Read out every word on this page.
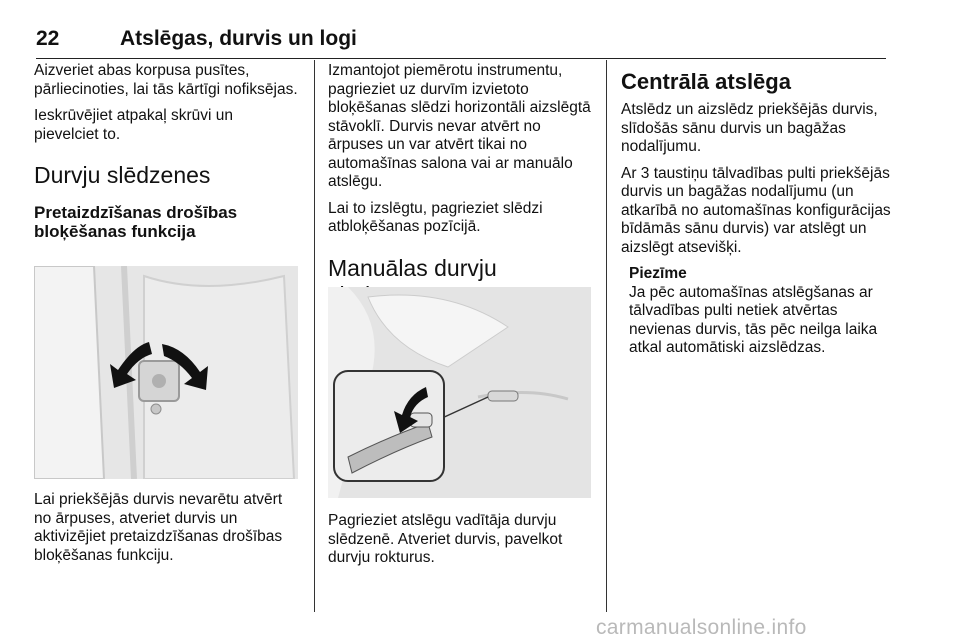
22	Atslēgas, durvis un logi

Aizveriet abas korpusa pusītes, pārliecinoties, lai tās kārtīgi nofiksējas.

Ieskrūvējiet atpakaļ skrūvi un pievelciet to.

Durvju slēdzenes
Pretaizdzīšanas drošības bloķēšanas funkcija

Lai priekšējās durvis nevarētu atvērt no ārpuses, atveriet durvis un aktivizējiet pretaizdzīšanas drošības bloķēšanas funkciju.

Izmantojot piemērotu instrumentu, pagrieziet uz durvīm izvietoto bloķēšanas slēdzi horizontāli aizslēgtā stāvoklī. Durvis nevar atvērt no ārpuses un var atvērt tikai no automašīnas salona vai ar manuālo atslēgu.

Lai to izslēgtu, pagrieziet slēdzi atbloķēšanas pozīcijā.

Manuālas durvju

Pagrieziet atslēgu vadītāja durvju slēdzenē. Atveriet durvis, pavelkot durvju rokturus.

Centrālā atslēga

Atslēdz un aizslēdz priekšējās durvis, slīdošās sānu durvis un bagāžas nodalījumu.

Ar 3 taustiņu tālvadības pulti priekšējās durvis un bagāžas nodalījumu (un atkarībā no automašīnas konfigurācijas bīdāmās sānu durvis) var atslēgt un aizslēgt atsevišķi.

Piezīme

Ja pēc automašīnas atslēgšanas ar tālvadības pulti netiek atvērtas nevienas durvis, tās pēc neilga laika atkal automātiski aizslēdzas.

carmanualsonline.info
